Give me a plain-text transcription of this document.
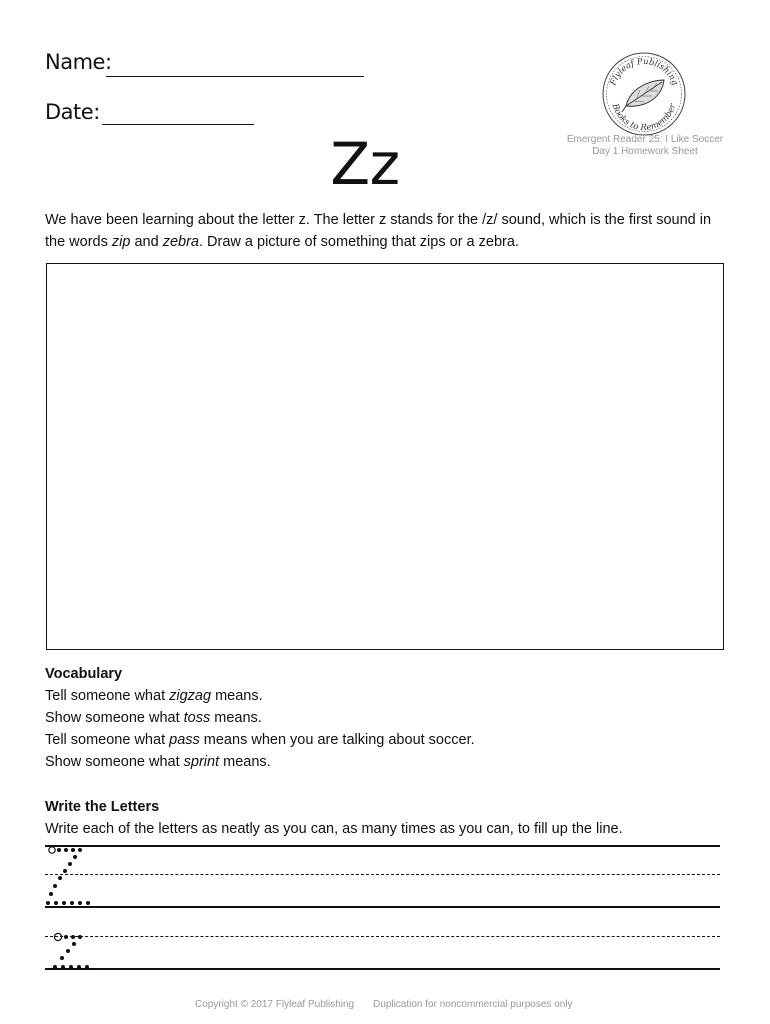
Name:
Date:
Flyleaf Publishing
Books to Remember
Emergent Reader 25: I Like Soccer
Day 1 Homework Sheet
Zz
We have been learning about the letter z. The letter z stands for the /z/ sound, which is the first sound in the words zip and zebra. Draw a picture of something that zips or a zebra.
Vocabulary
Tell someone what zigzag means.
Show someone what toss means.
Tell someone what pass means when you are talking about soccer.
Show someone what sprint means.
Write the Letters
Write each of the letters as neatly as you can, as many times as you can, to fill up the line.
Copyright © 2017 Flyleaf Publishing Duplication for noncommercial purposes only
